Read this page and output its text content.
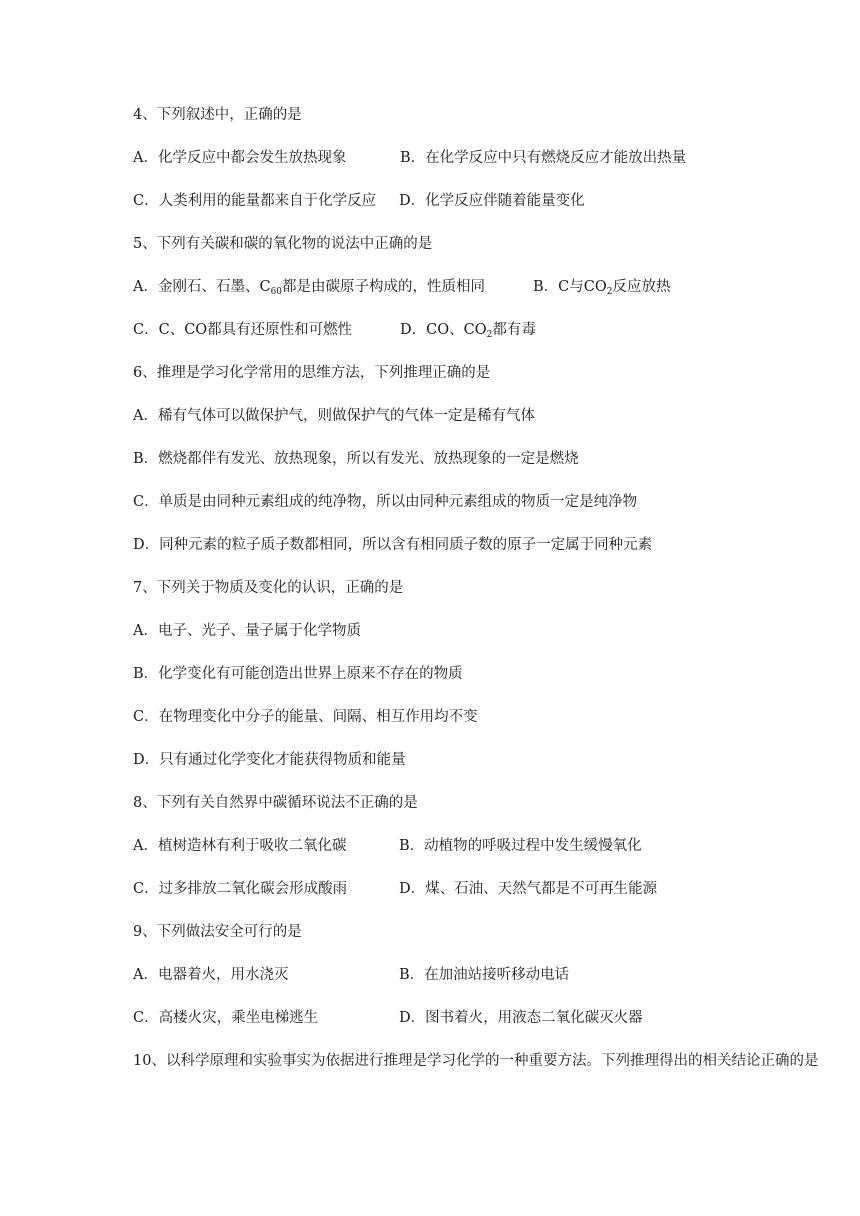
4、下列叙述中，正确的是
A．化学反应中都会发生放热现象	B．在化学反应中只有燃烧反应才能放出热量
C．人类利用的能量都来自于化学反应 D．化学反应伴随着能量变化
5、下列有关碳和碳的氧化物的说法中正确的是
A．金刚石、石墨、$C_{60}$都是由碳原子构成的，性质相同	B．C与$CO_2$反应放热
C．C、CO都具有还原性和可燃性	D．CO、$CO_2$都有毒
6、推理是学习化学常用的思维方法，下列推理正确的是
A．稀有气体可以做保护气，则做保护气的气体一定是稀有气体
B．燃烧都伴有发光、放热现象，所以有发光、放热现象的一定是燃烧
C．单质是由同种元素组成的纯净物，所以由同种元素组成的物质一定是纯净物
D．同种元素的粒子质子数都相同，所以含有相同质子数的原子一定属于同种元素
7、下列关于物质及变化的认识，正确的是
A．电子、光子、量子属于化学物质
B．化学变化有可能创造出世界上原来不存在的物质
C．在物理变化中分子的能量、间隔、相互作用均不变
D．只有通过化学变化才能获得物质和能量
8、下列有关自然界中碳循环说法不正确的是
A．植树造林有利于吸收二氧化碳	B．动植物的呼吸过程中发生缓慢氧化
C．过多排放二氧化碳会形成酸雨	D．煤、石油、天然气都是不可再生能源
9、下列做法安全可行的是
A．电器着火，用水浇灭	B．在加油站接听移动电话
C．高楼火灾，乘坐电梯逃生	D．图书着火，用液态二氧化碳灭火器
10、以科学原理和实验事实为依据进行推理是学习化学的一种重要方法。下列推理得出的相关结论正确的是
